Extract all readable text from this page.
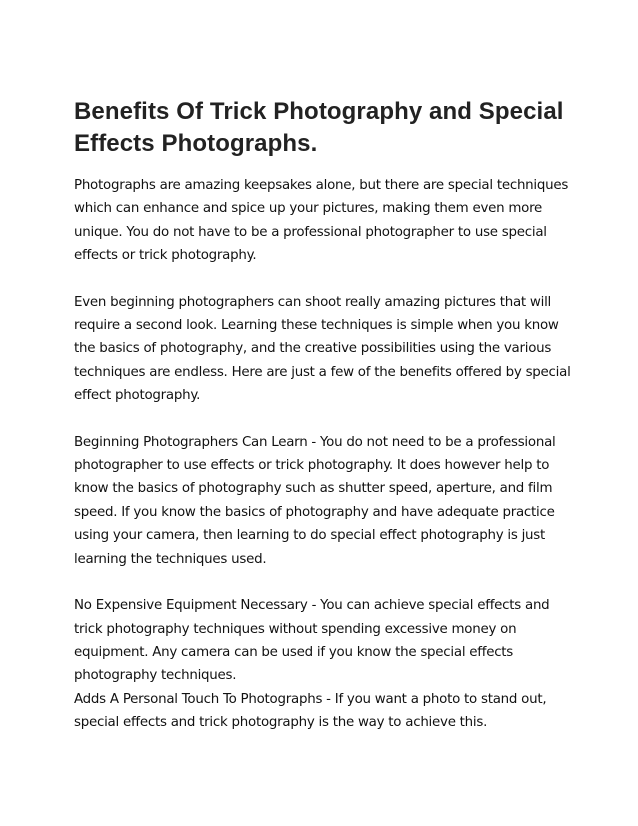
Benefits Of Trick Photography and Special Effects Photographs.

Photographs are amazing keepsakes alone, but there are special techniques which can enhance and spice up your pictures, making them even more unique. You do not have to be a professional photographer to use special effects or trick photography.

Even beginning photographers can shoot really amazing pictures that will require a second look. Learning these techniques is simple when you know the basics of photography, and the creative possibilities using the various techniques are endless. Here are just a few of the benefits offered by special effect photography.

Beginning Photographers Can Learn - You do not need to be a professional photographer to use effects or trick photography. It does however help to know the basics of photography such as shutter speed, aperture, and film speed. If you know the basics of photography and have adequate practice using your camera, then learning to do special effect photography is just learning the techniques used.

No Expensive Equipment Necessary - You can achieve special effects and trick photography techniques without spending excessive money on equipment. Any camera can be used if you know the special effects photography techniques.

Adds A Personal Touch To Photographs - If you want a photo to stand out, special effects and trick photography is the way to achieve this.
